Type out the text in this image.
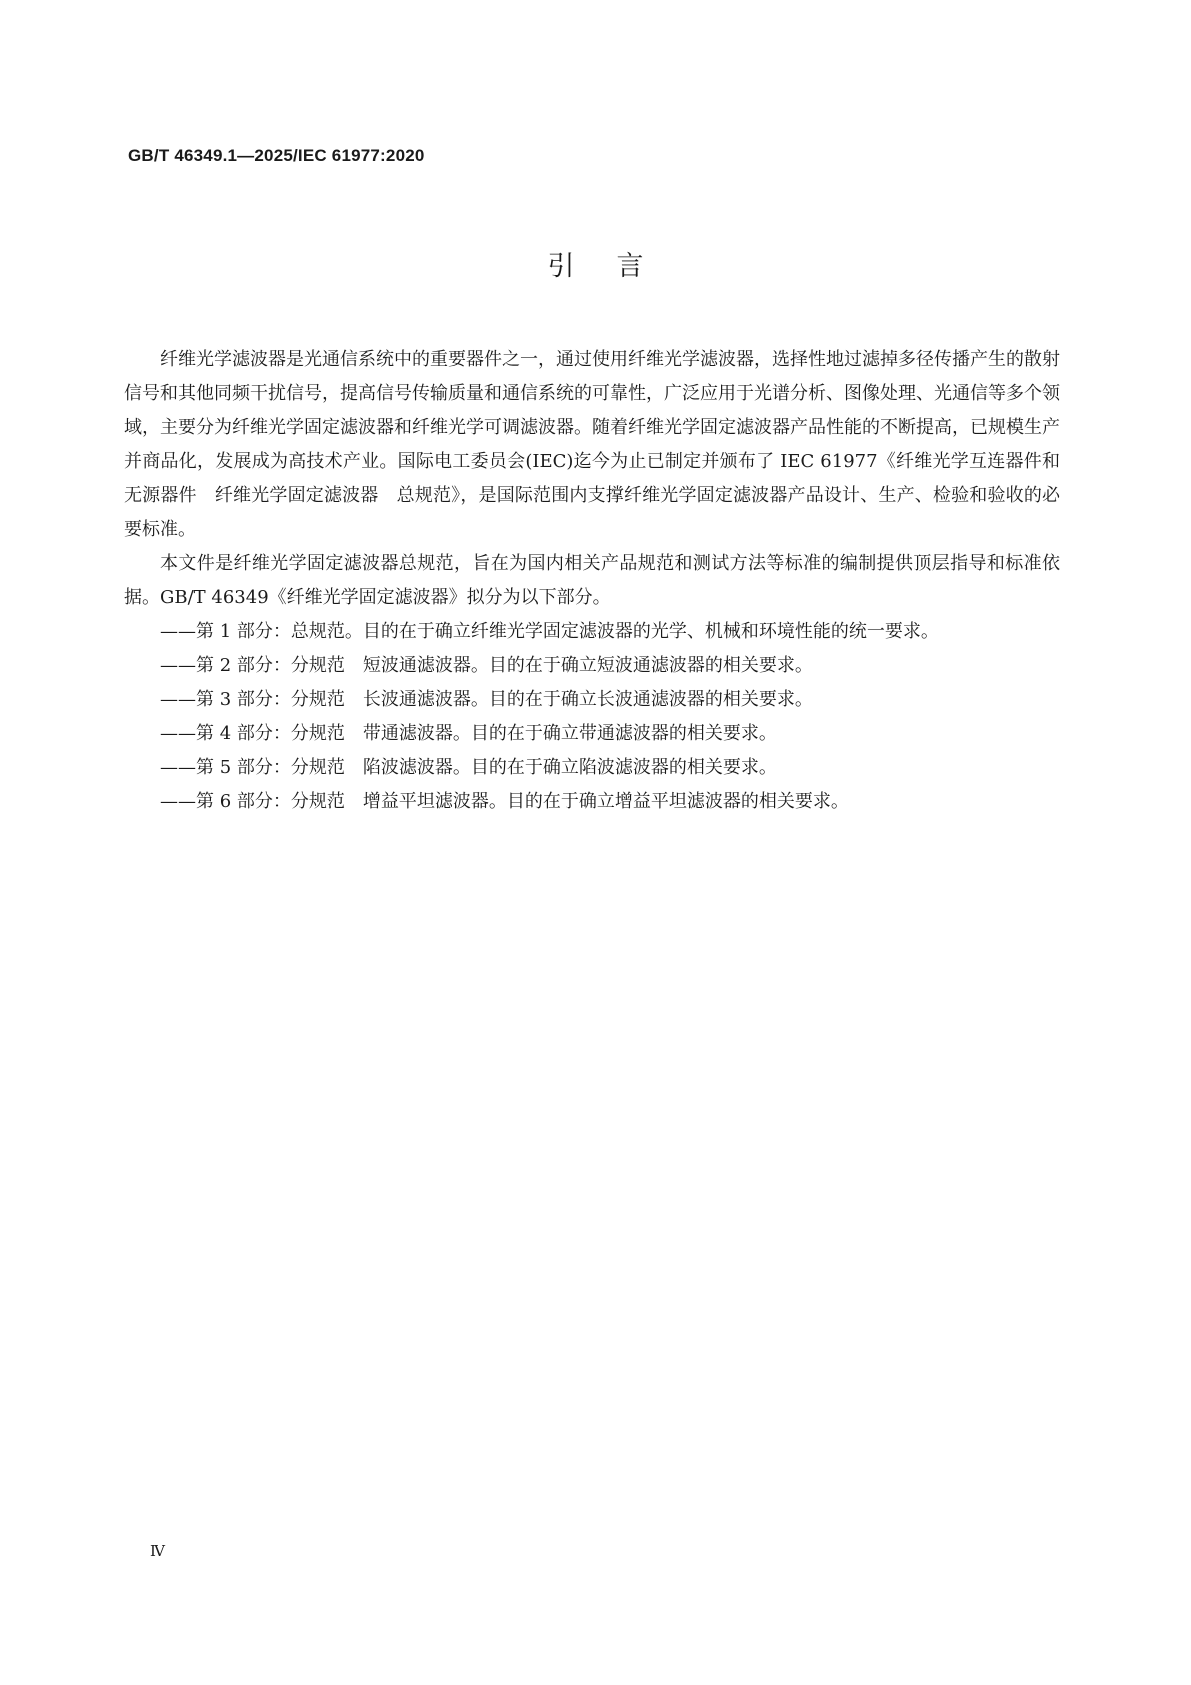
GB/T 46349.1—2025/IEC 61977:2020
引言

纤维光学滤波器是光通信系统中的重要器件之一，通过使用纤维光学滤波器，选择性地过滤掉多径传播产生的散射信号和其他同频干扰信号，提高信号传输质量和通信系统的可靠性，广泛应用于光谱分析、图像处理、光通信等多个领域，主要分为纤维光学固定滤波器和纤维光学可调滤波器。随着纤维光学固定滤波器产品性能的不断提高，已规模生产并商品化，发展成为高技术产业。国际电工委员会(IEC)迄今为止已制定并颁布了 IEC 61977《纤维光学互连器件和无源器件　纤维光学固定滤波器　总规范》，是国际范围内支撑纤维光学固定滤波器产品设计、生产、检验和验收的必要标准。

本文件是纤维光学固定滤波器总规范，旨在为国内相关产品规范和测试方法等标准的编制提供顶层指导和标准依据。GB/T 46349《纤维光学固定滤波器》拟分为以下部分。

——第 1 部分：总规范。目的在于确立纤维光学固定滤波器的光学、机械和环境性能的统一要求。
——第 2 部分：分规范　短波通滤波器。目的在于确立短波通滤波器的相关要求。
——第 3 部分：分规范　长波通滤波器。目的在于确立长波通滤波器的相关要求。
——第 4 部分：分规范　带通滤波器。目的在于确立带通滤波器的相关要求。
——第 5 部分：分规范　陷波滤波器。目的在于确立陷波滤波器的相关要求。
——第 6 部分：分规范　增益平坦滤波器。目的在于确立增益平坦滤波器的相关要求。
Ⅳ
